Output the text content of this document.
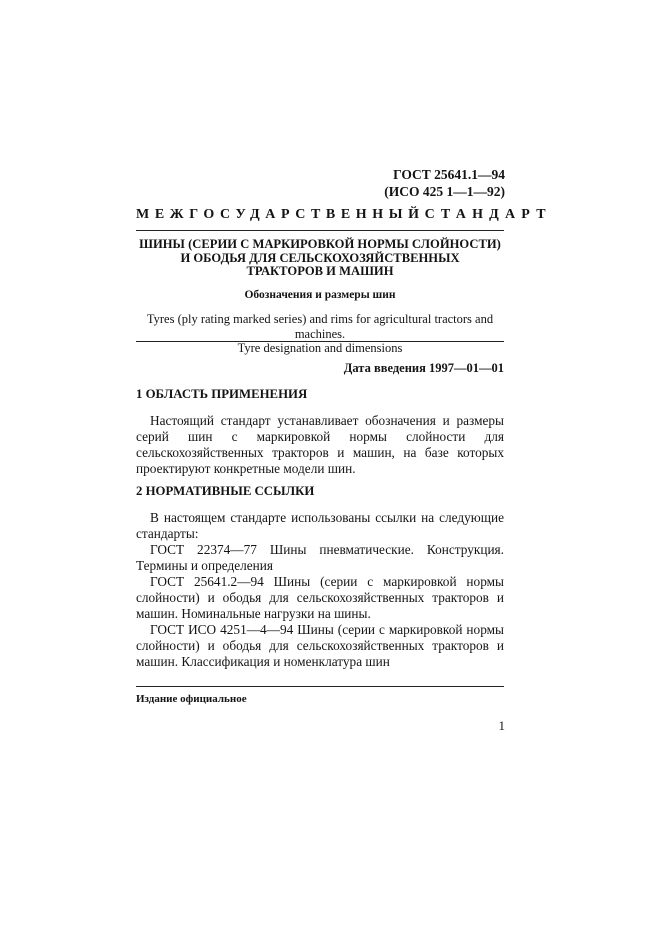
ГОСТ 25641.1—94
(ИСО 425 1—1—92)
МЕЖГОСУДАРСТВЕННЫЙ СТАНДАРТ
ШИНЫ (СЕРИИ С МАРКИРОВКОЙ НОРМЫ СЛОЙНОСТИ)
И ОБОДЬЯ ДЛЯ СЕЛЬСКОХОЗЯЙСТВЕННЫХ
ТРАКТОРОВ И МАШИН
Обозначения и размеры шин
Tyres (ply rating marked series) and rims for agricultural tractors and machines.
Tyre designation and dimensions
Дата введения 1997—01—01
1 ОБЛАСТЬ ПРИМЕНЕНИЯ

Настоящий стандарт устанавливает обозначения и размеры серий шин с маркировкой нормы слойности для сельскохозяйственных тракторов и машин, на базе которых проектируют конкретные модели шин.

2 НОРМАТИВНЫЕ ССЫЛКИ

В настоящем стандарте использованы ссылки на следующие стандарты:

ГОСТ 22374—77 Шины пневматические. Конструкция. Термины и определения

ГОСТ 25641.2—94 Шины (серии с маркировкой нормы слойности) и ободья для сельскохозяйственных тракторов и машин. Номинальные нагрузки на шины.

ГОСТ ИСО 4251—4—94 Шины (серии с маркировкой нормы слойности) и ободья для сельскохозяйственных тракторов и машин. Классификация и номенклатура шин

Издание официальное
1
